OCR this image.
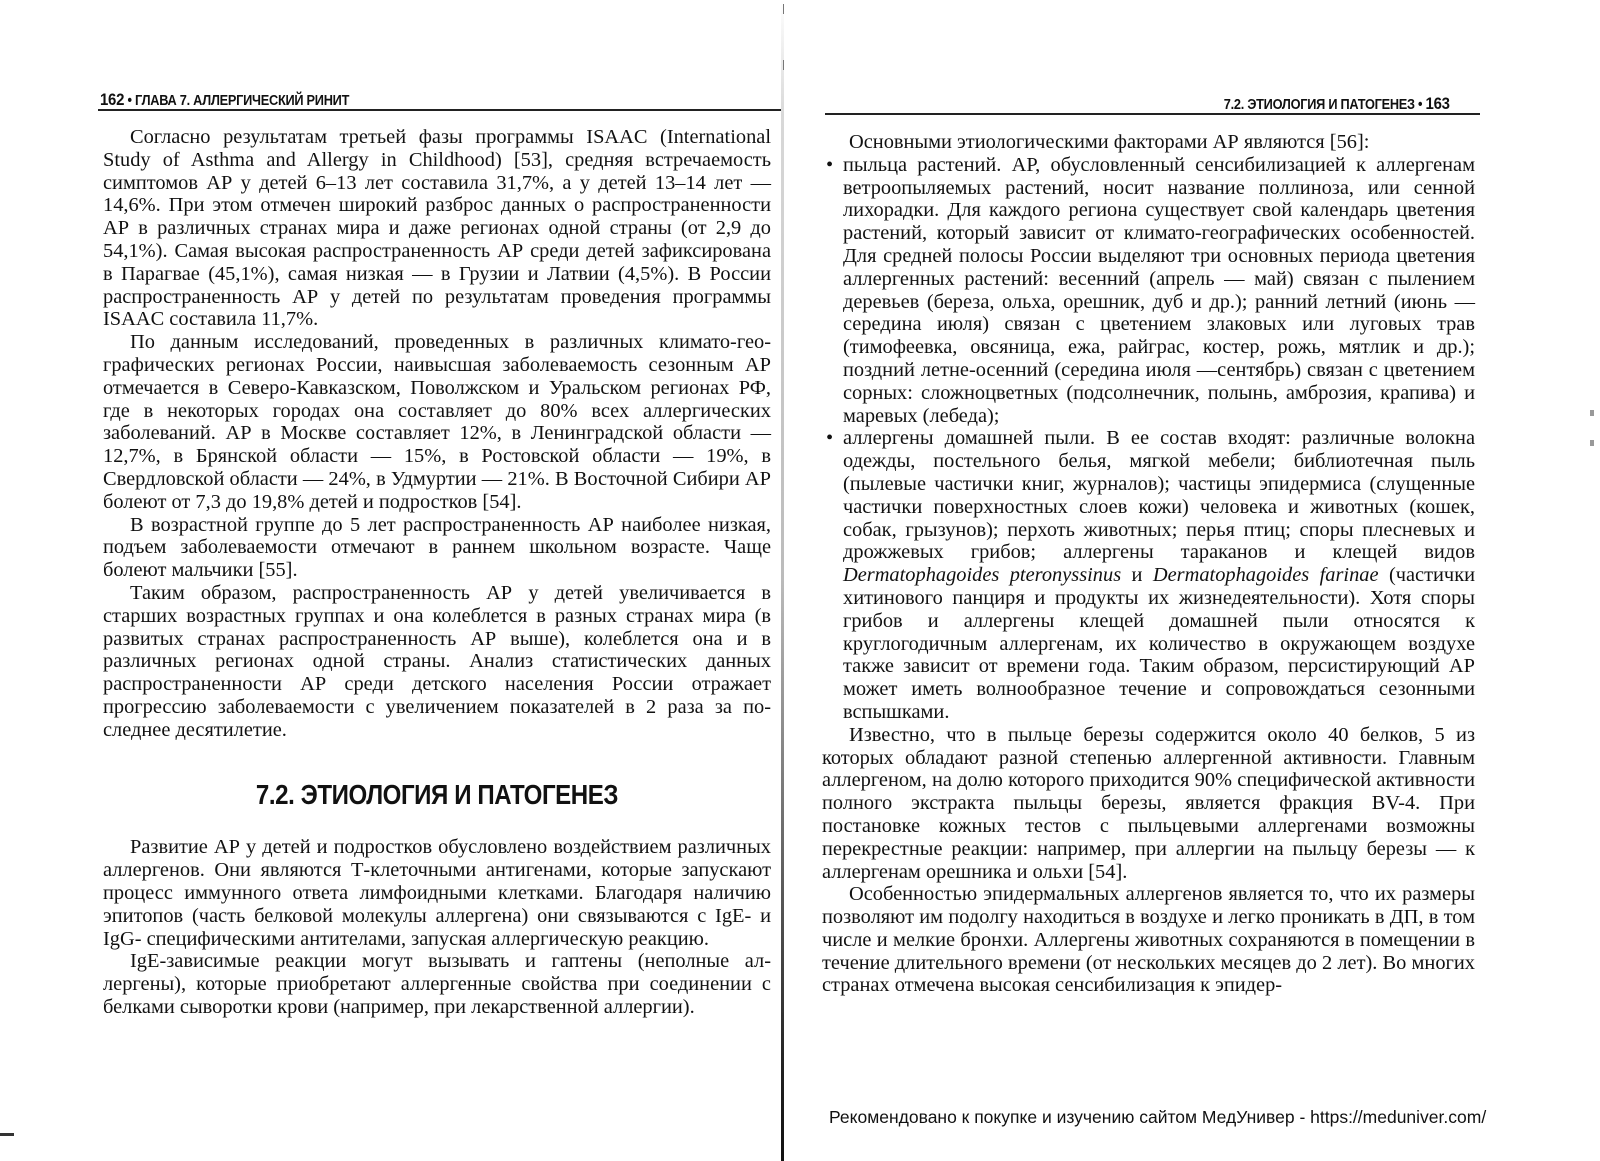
162 • ГЛАВА 7. АЛЛЕРГИЧЕСКИЙ РИНИТ

Согласно результатам третьей фазы программы ISAAC (International Study of Asthma and Allergy in Childhood) [53], средняя встречаемость симптомов АР у детей 6–13 лет составила 31,7%, а у детей 13–14 лет — 14,6%. При этом отмечен широкий разброс данных о распространенности АР в различных странах мира и даже регионах одной страны (от 2,9 до 54,1%). Самая высокая распространенность АР среди детей зафиксирована в Парагвае (45,1%), самая низкая — в Грузии и Латвии (4,5%). В России распространенность АР у детей по результатам проведения программы ISAAC составила 11,7%.

По данным исследований, проведенных в различных климато-географических регионах России, наивысшая заболеваемость сезонным АР отмечается в Северо-Кавказском, Поволжском и Уральском регионах РФ, где в некоторых городах она составляет до 80% всех аллергических заболеваний. АР в Москве составляет 12%, в Ленинградской области — 12,7%, в Брянской области — 15%, в Ростовской области — 19%, в Свердловской области — 24%, в Удмуртии — 21%. В Восточной Сибири АР болеют от 7,3 до 19,8% детей и подростков [54].

В возрастной группе до 5 лет распространенность АР наиболее низкая, подъем заболеваемости отмечают в раннем школьном возрасте. Чаще болеют мальчики [55].

Таким образом, распространенность АР у детей увеличивается в старших возрастных группах и она колеблется в разных странах мира (в развитых странах распространенность АР выше), колеблется она и в различных регионах одной страны. Анализ статистических данных распространенности АР среди детского населения России отражает прогрессию заболеваемости с увеличением показателей в 2 раза за последнее десятилетие.

7.2. ЭТИОЛОГИЯ И ПАТОГЕНЕЗ

Развитие АР у детей и подростков обусловлено воздействием различных аллергенов. Они являются Т-клеточными антигенами, которые запускают процесс иммунного ответа лимфоидными клетками. Благодаря наличию эпитопов (часть белковой молекулы аллергена) они связываются с IgE- и IgG- специфическими антителами, запуская аллергическую реакцию.

IgE-зависимые реакции могут вызывать и гаптены (неполные аллергены), которые приобретают аллергенные свойства при соединении с белками сыворотки крови (например, при лекарственной аллергии).

7.2. ЭТИОЛОГИЯ И ПАТОГЕНЕЗ • 163

Основными этиологическими факторами АР являются [56]:

• пыльца растений. АР, обусловленный сенсибилизацией к аллергенам ветроопыляемых растений, носит название поллиноза, или сенной лихорадки. Для каждого региона существует свой календарь цветения растений, который зависит от климато-географических особенностей. Для средней полосы России выделяют три основных периода цветения аллергенных растений: весенний (апрель — май) связан с пылением деревьев (береза, ольха, орешник, дуб и др.); ранний летний (июнь — середина июля) связан с цветением злаковых или луговых трав (тимофеевка, овсяница, ежа, райграс, костер, рожь, мятлик и др.); поздний летне-осенний (середина июля —сентябрь) связан с цветением сорных: сложноцветных (подсолнечник, полынь, амброзия, крапива) и маревых (лебеда);
• аллергены домашней пыли. В ее состав входят: различные волокна одежды, постельного белья, мягкой мебели; библиотечная пыль (пылевые частички книг, журналов); частицы эпидермиса (слущенные частички поверхностных слоев кожи) человека и животных (кошек, собак, грызунов); перхоть животных; перья птиц; споры плесневых и дрожжевых грибов; аллергены тараканов и клещей видов Dermatophagoides pteronyssinus и Dermatophagoides farinae (частички хитинового панциря и продукты их жизнедеятельности). Хотя споры грибов и аллергены клещей домашней пыли относятся к круглогодичным аллергенам, их количество в окружающем воздухе также зависит от времени года. Таким образом, персистирующий АР может иметь волнообразное течение и сопровождаться сезонными вспышками.

Известно, что в пыльце березы содержится около 40 белков, 5 из которых обладают разной степенью аллергенной активности. Главным аллергеном, на долю которого приходится 90% специфической активности полного экстракта пыльцы березы, является фракция BV-4. При постановке кожных тестов с пыльцевыми аллергенами возможны перекрестные реакции: например, при аллергии на пыльцу березы — к аллергенам орешника и ольхи [54].

Особенностью эпидермальных аллергенов является то, что их размеры позволяют им подолгу находиться в воздухе и легко проникать в ДП, в том числе и мелкие бронхи. Аллергены животных сохраняются в помещении в течение длительного времени (от нескольких месяцев до 2 лет). Во многих странах отмечена высокая сенсибилизация к эпидер-

Рекомендовано к покупке и изучению сайтом МедУнивер - https://meduniver.com/
